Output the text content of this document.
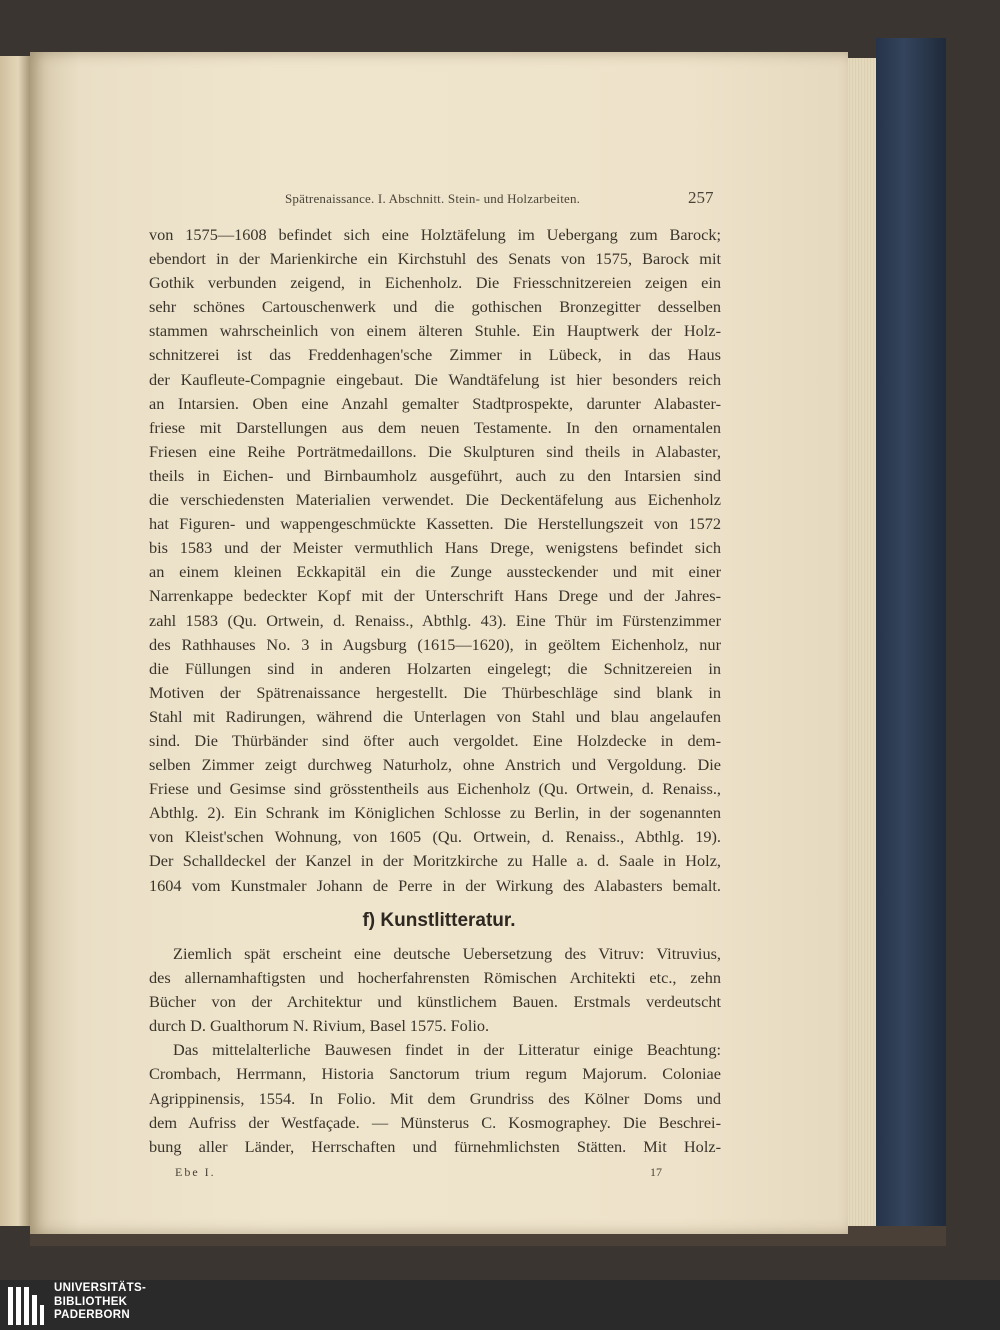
Spätrenaissance. I. Abschnitt. Stein- und Holzarbeiten.	257
von 1575—1608 befindet sich eine Holztäfelung im Uebergang zum Barock;
ebendort in der Marienkirche ein Kirchstuhl des Senats von 1575, Barock mit
Gothik verbunden zeigend, in Eichenholz. Die Friesschnitzereien zeigen ein
sehr schönes Cartouschenwerk und die gothischen Bronzegitter desselben
stammen wahrscheinlich von einem älteren Stuhle. Ein Hauptwerk der Holz-
schnitzerei ist das Freddenhagen'sche Zimmer in Lübeck, in das Haus
der Kaufleute-Compagnie eingebaut. Die Wandtäfelung ist hier besonders reich
an Intarsien. Oben eine Anzahl gemalter Stadtprospekte, darunter Alabaster-
friese mit Darstellungen aus dem neuen Testamente. In den ornamentalen
Friesen eine Reihe Porträtmedaillons. Die Skulpturen sind theils in Alabaster,
theils in Eichen- und Birnbaumholz ausgeführt, auch zu den Intarsien sind
die verschiedensten Materialien verwendet. Die Deckentäfelung aus Eichenholz
hat Figuren- und wappengeschmückte Kassetten. Die Herstellungszeit von 1572
bis 1583 und der Meister vermuthlich Hans Drege, wenigstens befindet sich
an einem kleinen Eckkapitäl ein die Zunge aussteckender und mit einer
Narrenkappe bedeckter Kopf mit der Unterschrift Hans Drege und der Jahres-
zahl 1583 (Qu. Ortwein, d. Renaiss., Abthlg. 43). Eine Thür im Fürstenzimmer
des Rathhauses No. 3 in Augsburg (1615—1620), in geöltem Eichenholz, nur
die Füllungen sind in anderen Holzarten eingelegt; die Schnitzereien in
Motiven der Spätrenaissance hergestellt. Die Thürbeschläge sind blank in
Stahl mit Radirungen, während die Unterlagen von Stahl und blau angelaufen
sind. Die Thürbänder sind öfter auch vergoldet. Eine Holzdecke in dem-
selben Zimmer zeigt durchweg Naturholz, ohne Anstrich und Vergoldung. Die
Friese und Gesimse sind grösstentheils aus Eichenholz (Qu. Ortwein, d. Renaiss.,
Abthlg. 2). Ein Schrank im Königlichen Schlosse zu Berlin, in der sogenannten
von Kleist'schen Wohnung, von 1605 (Qu. Ortwein, d. Renaiss., Abthlg. 19).
Der Schalldeckel der Kanzel in der Moritzkirche zu Halle a. d. Saale in Holz,
1604 vom Kunstmaler Johann de Perre in der Wirkung des Alabasters bemalt.
f) Kunstlitteratur.
Ziemlich spät erscheint eine deutsche Uebersetzung des Vitruv: Vitruvius,
des allernamhaftigsten und hocherfahrensten Römischen Architekti etc., zehn
Bücher von der Architektur und künstlichem Bauen. Erstmals verdeutscht
durch D. Gualthorum N. Rivium, Basel 1575. Folio.
Das mittelalterliche Bauwesen findet in der Litteratur einige Beachtung:
Crombach, Herrmann, Historia Sanctorum trium regum Majorum. Coloniae
Agrippinensis, 1554. In Folio. Mit dem Grundriss des Kölner Doms und
dem Aufriss der Westfaçade. — Münsterus C. Kosmographey. Die Beschrei-
bung aller Länder, Herrschaften und fürnehmlichsten Stätten. Mit Holz-
Ebe I.	17
UNIVERSITÄTS-
BIBLIOTHEK
PADERBORN
